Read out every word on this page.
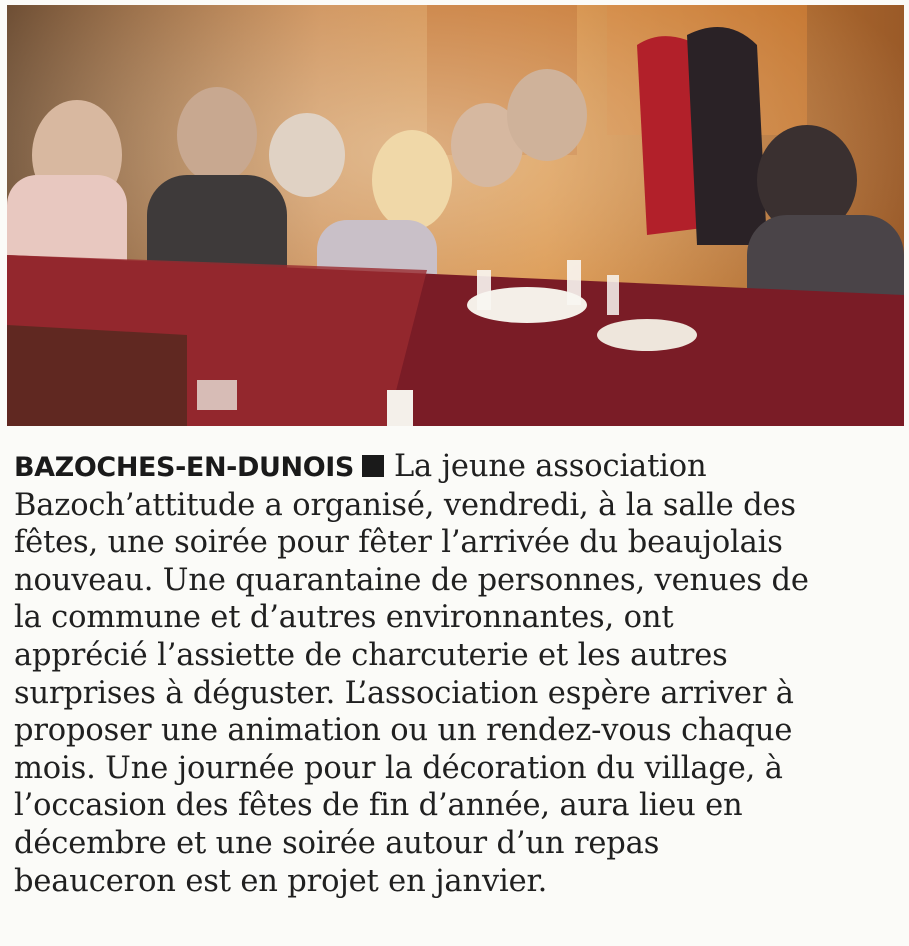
BAZOCHES-EN-DUNOIS La jeune association
Bazoch’attitude a organisé, vendredi, à la salle des
fêtes, une soirée pour fêter l’arrivée du beaujolais
nouveau. Une quarantaine de personnes, venues de
la commune et d’autres environnantes, ont
apprécié l’assiette de charcuterie et les autres
surprises à déguster. L’association espère arriver à
proposer une animation ou un rendez-vous chaque
mois. Une journée pour la décoration du village, à
l’occasion des fêtes de fin d’année, aura lieu en
décembre et une soirée autour d’un repas
beauceron est en projet en janvier.
